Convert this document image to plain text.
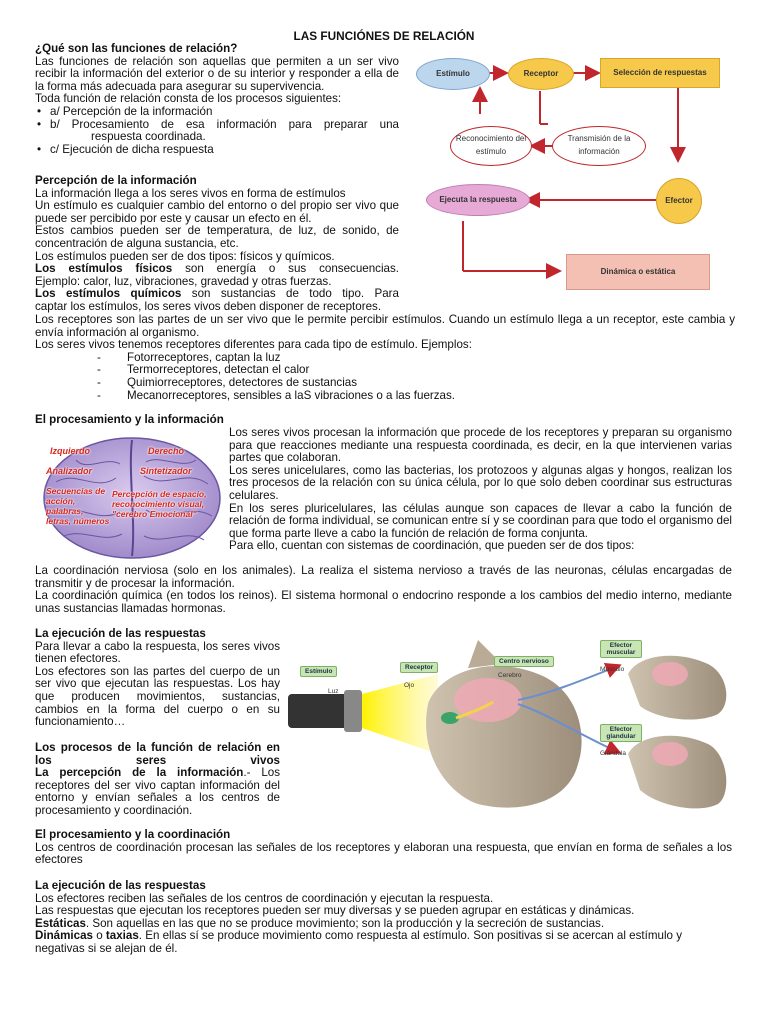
LAS FUNCIÓNES DE RELACIÓN

¿Qué son las funciones de relación?

Las funciones de relación son aquellas que permiten a un ser vivo recibir la información del exterior o de su interior y responder a ella de la forma más adecuada para asegurar su supervivencia.

Toda función de relación consta de los procesos siguientes:

• a/ Percepción de la información
• b/ Procesamiento de esa información para preparar una
respuesta coordinada.
• c/ Ejecución de dicha respuesta

Percepción de la información

La información llega a los seres vivos en forma de estímulos

Un estímulo es cualquier cambio del entorno o del propio ser vivo que puede ser percibido por este y causar un efecto en él.

Estos cambios pueden ser de temperatura, de luz, de sonido, de concentración de alguna sustancia, etc.

Los estímulos pueden ser de dos tipos: físicos y químicos.

Los estímulos físicos son energía o sus consecuencias.

Ejemplo: calor, luz, vibraciones, gravedad y otras fuerzas.

Los estímulos químicos son sustancias de todo tipo. Para

captar los estímulos, los seres vivos deben disponer de receptores.

Los receptores son las partes de un ser vivo que le permite percibir estímulos. Cuando un estímulo llega a un receptor, este cambia y envía información al organismo.

Los seres vivos tenemos receptores diferentes para cada tipo de estímulo. Ejemplos:

- Fotorreceptores, captan la luz
- Termorreceptores, detectan el calor
- Quimiorreceptores, detectores de sustancias
- Mecanorreceptores, sensibles a laS vibraciones o a las fuerzas.
Estímulo	Receptor	Selección de respuestas
Reconocimiento del estímulo
Transmisión de la información
Ejecuta la respuesta	Efector
Dinámica o estática
El procesamiento y la información
Izquierdo	Derecho
Analizador	Sintetizador
Secuencias de acción, palabras, letras, números
Percepción de espacio, reconocimiento visual, "cerebro Emocional"

Los seres vivos procesan la información que procede de los receptores y preparan su organismo para que reacciones mediante una respuesta coordinada, es decir, en la que intervienen varias partes que colaboran.

Los seres unicelulares, como las bacterias, los protozoos y algunas algas y hongos, realizan los tres procesos de la relación con su única célula, por lo que solo deben coordinar sus estructuras celulares.

En los seres pluricelulares, las células aunque son capaces de llevar a cabo la función de relación de forma individual, se comunican entre sí y se coordinan para que todo el organismo del que forma parte lleve a cabo la función de relación de forma conjunta.

Para ello, cuentan con sistemas de coordinación, que pueden ser de dos tipos:

La coordinación nerviosa (solo en los animales). La realiza el sistema nervioso a través de las neuronas, células encargadas de transmitir y de procesar la información.

La coordinación química (en todos los reinos). El sistema hormonal o endocrino responde a los cambios del medio interno, mediante unas sustancias llamadas hormonas.

La ejecución de las respuestas

Para llevar a cabo la respuesta, los seres vivos tienen efectores.

Los efectores son las partes del cuerpo de un ser vivo que ejecutan las respuestas. Los hay que producen movimientos, sustancias, cambios en la forma del cuerpo o en su funcionamiento…

Los procesos de la función de relación en los seres vivos

La percepción de la información.- Los receptores del ser vivo captan información del entorno y envían señales a los centros de procesamiento y coordinación.

Estímulo
Luz
Receptor
Ojo
Centro nervioso
Cerebro
Efector muscular
Músculo
Efector glandular
Glándula

El procesamiento y la coordinación

Los centros de coordinación procesan las señales de los receptores y elaboran una respuesta, que envían en forma de señales a los efectores

La ejecución de las respuestas

Los efectores reciben las señales de los centros de coordinación y ejecutan la respuesta.

Las respuestas que ejecutan los receptores pueden ser muy diversas y se pueden agrupar en estáticas y dinámicas.

Estáticas. Son aquellas en las que no se produce movimiento; son la producción y la secreción de sustancias.

Dinámicas o taxias. En ellas sí se produce movimiento como respuesta al estímulo. Son positivas si se acercan al estímulo y negativas si se alejan de él.
